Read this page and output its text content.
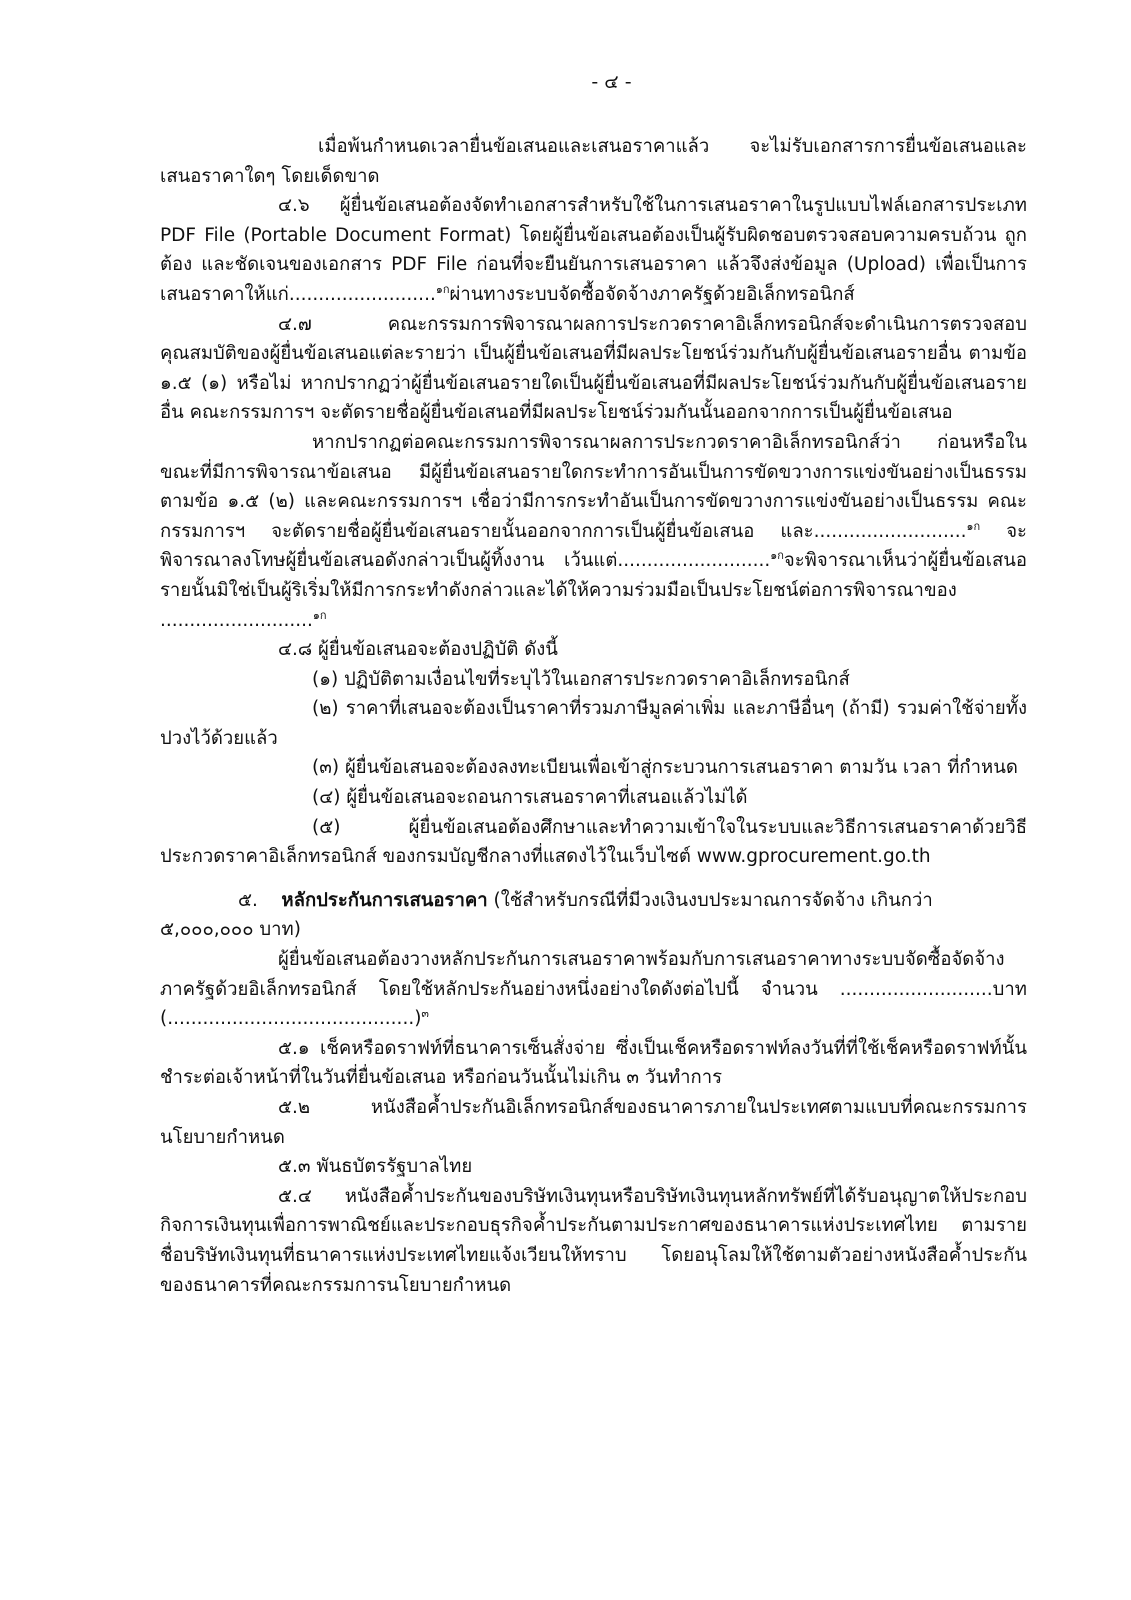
- ๔ -

เมื่อพ้นกำหนดเวลายื่นข้อเสนอและเสนอราคาแล้ว จะไม่รับเอกสารการยื่นข้อเสนอและเสนอราคาใดๆ โดยเด็ดขาด

๔.๖ ผู้ยื่นข้อเสนอต้องจัดทำเอกสารสำหรับใช้ในการเสนอราคาในรูปแบบไฟล์เอกสารประเภท PDF File (Portable Document Format) โดยผู้ยื่นข้อเสนอต้องเป็นผู้รับผิดชอบตรวจสอบความครบถ้วน ถูกต้อง และชัดเจนของเอกสาร PDF File ก่อนที่จะยืนยันการเสนอราคา แล้วจึงส่งข้อมูล (Upload) เพื่อเป็นการเสนอราคาให้แก่.........................$^{๑ก}$ผ่านทางระบบจัดซื้อจัดจ้างภาครัฐด้วยอิเล็กทรอนิกส์

๔.๗ คณะกรรมการพิจารณาผลการประกวดราคาอิเล็กทรอนิกส์จะดำเนินการตรวจสอบคุณสมบัติของผู้ยื่นข้อเสนอแต่ละรายว่า เป็นผู้ยื่นข้อเสนอที่มีผลประโยชน์ร่วมกันกับผู้ยื่นข้อเสนอรายอื่น ตามข้อ ๑.๕ (๑) หรือไม่ หากปรากฏว่าผู้ยื่นข้อเสนอรายใดเป็นผู้ยื่นข้อเสนอที่มีผลประโยชน์ร่วมกันกับผู้ยื่นข้อเสนอรายอื่น คณะกรรมการฯ จะตัดรายชื่อผู้ยื่นข้อเสนอที่มีผลประโยชน์ร่วมกันนั้นออกจากการเป็นผู้ยื่นข้อเสนอ

หากปรากฏต่อคณะกรรมการพิจารณาผลการประกวดราคาอิเล็กทรอนิกส์ว่า ก่อนหรือในขณะที่มีการพิจารณาข้อเสนอ มีผู้ยื่นข้อเสนอรายใดกระทำการอันเป็นการขัดขวางการแข่งขันอย่างเป็นธรรม ตามข้อ ๑.๕ (๒) และคณะกรรมการฯ เชื่อว่ามีการกระทำอันเป็นการขัดขวางการแข่งขันอย่างเป็นธรรม คณะกรรมการฯ จะตัดรายชื่อผู้ยื่นข้อเสนอรายนั้นออกจากการเป็นผู้ยื่นข้อเสนอ และ..........................$^{๑ก}$ จะพิจารณาลงโทษผู้ยื่นข้อเสนอดังกล่าวเป็นผู้ทิ้งงาน เว้นแต่..........................$^{๑ก}$จะพิจารณาเห็นว่าผู้ยื่นข้อเสนอรายนั้นมิใช่เป็นผู้ริเริ่มให้มีการกระทำดังกล่าวและได้ให้ความร่วมมือเป็นประโยชน์ต่อการพิจารณาของ ..........................$^{๑ก}$

๔.๘ ผู้ยื่นข้อเสนอจะต้องปฏิบัติ ดังนี้

(๑) ปฏิบัติตามเงื่อนไขที่ระบุไว้ในเอกสารประกวดราคาอิเล็กทรอนิกส์

(๒) ราคาที่เสนอจะต้องเป็นราคาที่รวมภาษีมูลค่าเพิ่ม และภาษีอื่นๆ (ถ้ามี) รวมค่าใช้จ่ายทั้งปวงไว้ด้วยแล้ว

(๓) ผู้ยื่นข้อเสนอจะต้องลงทะเบียนเพื่อเข้าสู่กระบวนการเสนอราคา ตามวัน เวลา ที่กำหนด

(๔) ผู้ยื่นข้อเสนอจะถอนการเสนอราคาที่เสนอแล้วไม่ได้

(๕) ผู้ยื่นข้อเสนอต้องศึกษาและทำความเข้าใจในระบบและวิธีการเสนอราคาด้วยวิธีประกวดราคาอิเล็กทรอนิกส์ ของกรมบัญชีกลางที่แสดงไว้ในเว็บไซต์ www.gprocurement.go.th

๕. หลักประกันการเสนอราคา (ใช้สำหรับกรณีที่มีวงเงินงบประมาณการจัดจ้าง เกินกว่า ๕,๐๐๐,๐๐๐ บาท)

ผู้ยื่นข้อเสนอต้องวางหลักประกันการเสนอราคาพร้อมกับการเสนอราคาทางระบบจัดซื้อจัดจ้างภาครัฐด้วยอิเล็กทรอนิกส์ โดยใช้หลักประกันอย่างหนึ่งอย่างใดดังต่อไปนี้ จำนวน ..........................บาท (..........................................)$^๓$

๕.๑ เช็คหรือดราฟท์ที่ธนาคารเซ็นสั่งจ่าย ซึ่งเป็นเช็คหรือดราฟท์ลงวันที่ที่ใช้เช็คหรือดราฟท์นั้นชำระต่อเจ้าหน้าที่ในวันที่ยื่นข้อเสนอ หรือก่อนวันนั้นไม่เกิน ๓ วันทำการ

๕.๒ หนังสือค้ำประกันอิเล็กทรอนิกส์ของธนาคารภายในประเทศตามแบบที่คณะกรรมการนโยบายกำหนด

๕.๓ พันธบัตรรัฐบาลไทย

๕.๔ หนังสือค้ำประกันของบริษัทเงินทุนหรือบริษัทเงินทุนหลักทรัพย์ที่ได้รับอนุญาตให้ประกอบกิจการเงินทุนเพื่อการพาณิชย์และประกอบธุรกิจค้ำประกันตามประกาศของธนาคารแห่งประเทศไทย ตามรายชื่อบริษัทเงินทุนที่ธนาคารแห่งประเทศไทยแจ้งเวียนให้ทราบ โดยอนุโลมให้ใช้ตามตัวอย่างหนังสือค้ำประกันของธนาคารที่คณะกรรมการนโยบายกำหนด
